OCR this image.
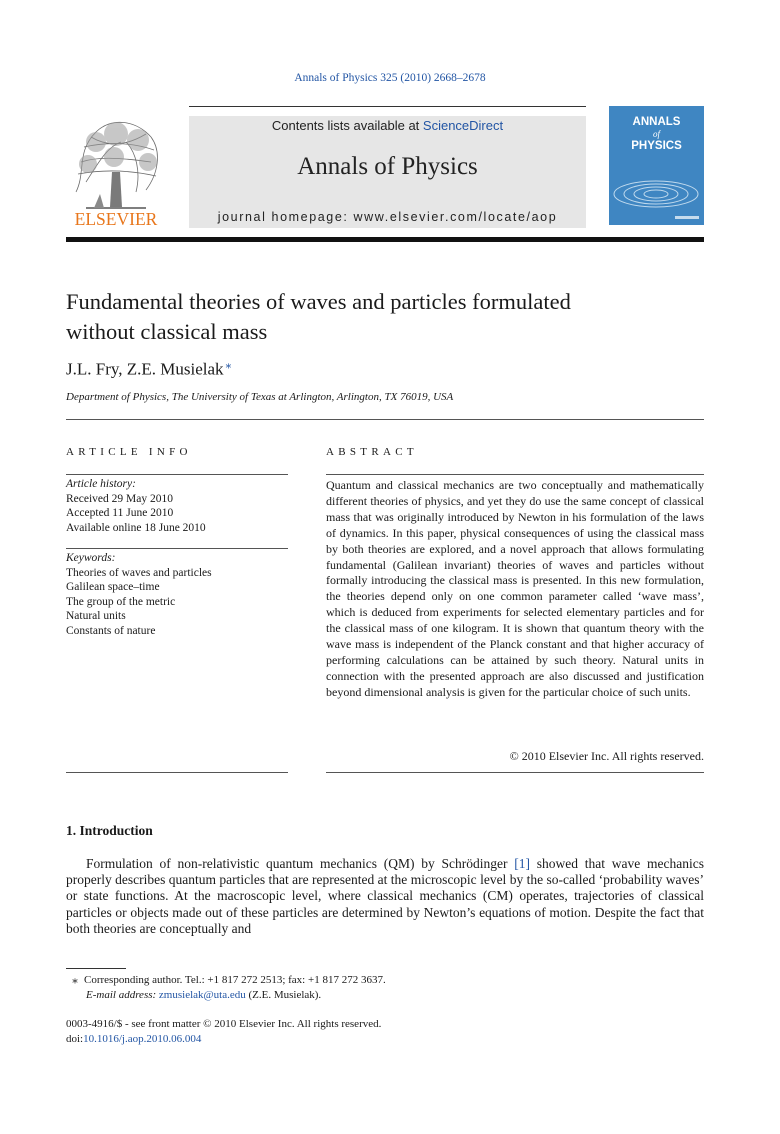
Annals of Physics 325 (2010) 2668–2678
ELSEVIER
Contents lists available at ScienceDirect
Annals of Physics
journal homepage: www.elsevier.com/locate/aop
ANNALS
of
PHYSICS
Fundamental theories of waves and particles formulated
without classical mass
J.L. Fry, Z.E. Musielak ⁎
Department of Physics, The University of Texas at Arlington, Arlington, TX 76019, USA
ARTICLE INFO
Article history:
Received 29 May 2010
Accepted 11 June 2010
Available online 18 June 2010
Keywords:
Theories of waves and particles
Galilean space–time
The group of the metric
Natural units
Constants of nature
ABSTRACT
Quantum and classical mechanics are two conceptually and mathematically different theories of physics, and yet they do use the same concept of classical mass that was originally introduced by Newton in his formulation of the laws of dynamics. In this paper, physical consequences of using the classical mass by both theories are explored, and a novel approach that allows formulating fundamental (Galilean invariant) theories of waves and particles without formally introducing the classical mass is presented. In this new formulation, the theories depend only on one common parameter called ‘wave mass’, which is deduced from experiments for selected elementary particles and for the classical mass of one kilogram. It is shown that quantum theory with the wave mass is independent of the Planck constant and that higher accuracy of performing calculations can be attained by such theory. Natural units in connection with the presented approach are also discussed and justification beyond dimensional analysis is given for the particular choice of such units.
© 2010 Elsevier Inc. All rights reserved.
1. Introduction
Formulation of non-relativistic quantum mechanics (QM) by Schrödinger [1] showed that wave mechanics properly describes quantum particles that are represented at the microscopic level by the so-called ‘probability waves’ or state functions. At the macroscopic level, where classical mechanics (CM) operates, trajectories of classical particles or objects made out of these particles are determined by Newton’s equations of motion. Despite the fact that both theories are conceptually and
⁎ Corresponding author. Tel.: +1 817 272 2513; fax: +1 817 272 3637.
E-mail address: zmusielak@uta.edu (Z.E. Musielak).
0003-4916/$ - see front matter © 2010 Elsevier Inc. All rights reserved.
doi:10.1016/j.aop.2010.06.004
